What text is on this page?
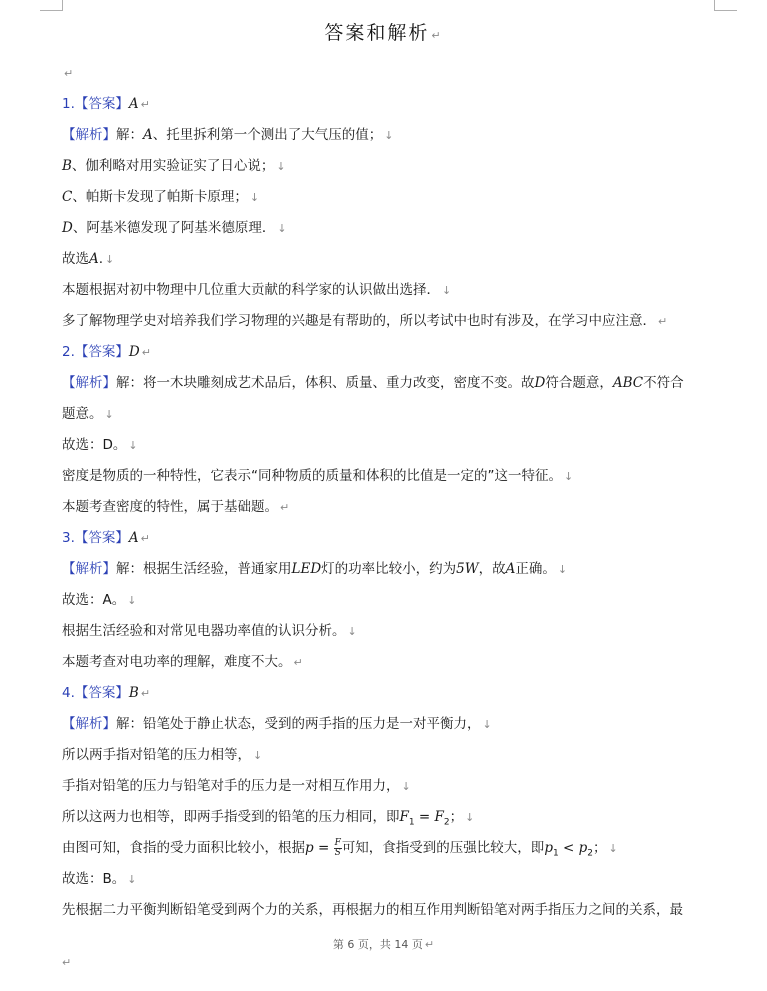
答案和解析 ↵
↵
1.【答案】A ↵
【解析】解：A、托里拆利第一个测出了大气压的值； ↓
B、伽利略对用实验证实了日心说； ↓
C、帕斯卡发现了帕斯卡原理； ↓
D、阿基米德发现了阿基米德原理． ↓
故选A. ↓
本题根据对初中物理中几位重大贡献的科学家的认识做出选择． ↓
多了解物理学史对培养我们学习物理的兴趣是有帮助的，所以考试中也时有涉及，在学习中应注意． ↵
2.【答案】D ↵
【解析】解：将一木块雕刻成艺术品后，体积、质量、重力改变，密度不变。故D符合题意，ABC不符合
题意。 ↓
故选：D。 ↓
密度是物质的一种特性，它表示“同种物质的质量和体积的比值是一定的”这一特征。 ↓
本题考查密度的特性，属于基础题。 ↵
3.【答案】A ↵
【解析】解：根据生活经验，普通家用LED灯的功率比较小，约为5W，故A正确。 ↓
故选：A。 ↓
根据生活经验和对常见电器功率值的认识分析。 ↓
本题考查对电功率的理解，难度不大。 ↵
4.【答案】B ↵
【解析】解：铅笔处于静止状态，受到的两手指的压力是一对平衡力， ↓
所以两手指对铅笔的压力相等， ↓
手指对铅笔的压力与铅笔对手的压力是一对相互作用力， ↓
所以这两力也相等，即两手指受到的铅笔的压力相同，即$F_1 = F_2$； ↓
由图可知，食指的受力面积比较小，根据$p = \frac{F}{S}$ 可知，食指受到的压强比较大，即$p_1 < p_2$； ↓
故选：B。 ↓
先根据二力平衡判断铅笔受到两个力的关系，再根据力的相互作用判断铅笔对两手指压力之间的关系，最
第 6 页，共 14 页 ↵
↵
